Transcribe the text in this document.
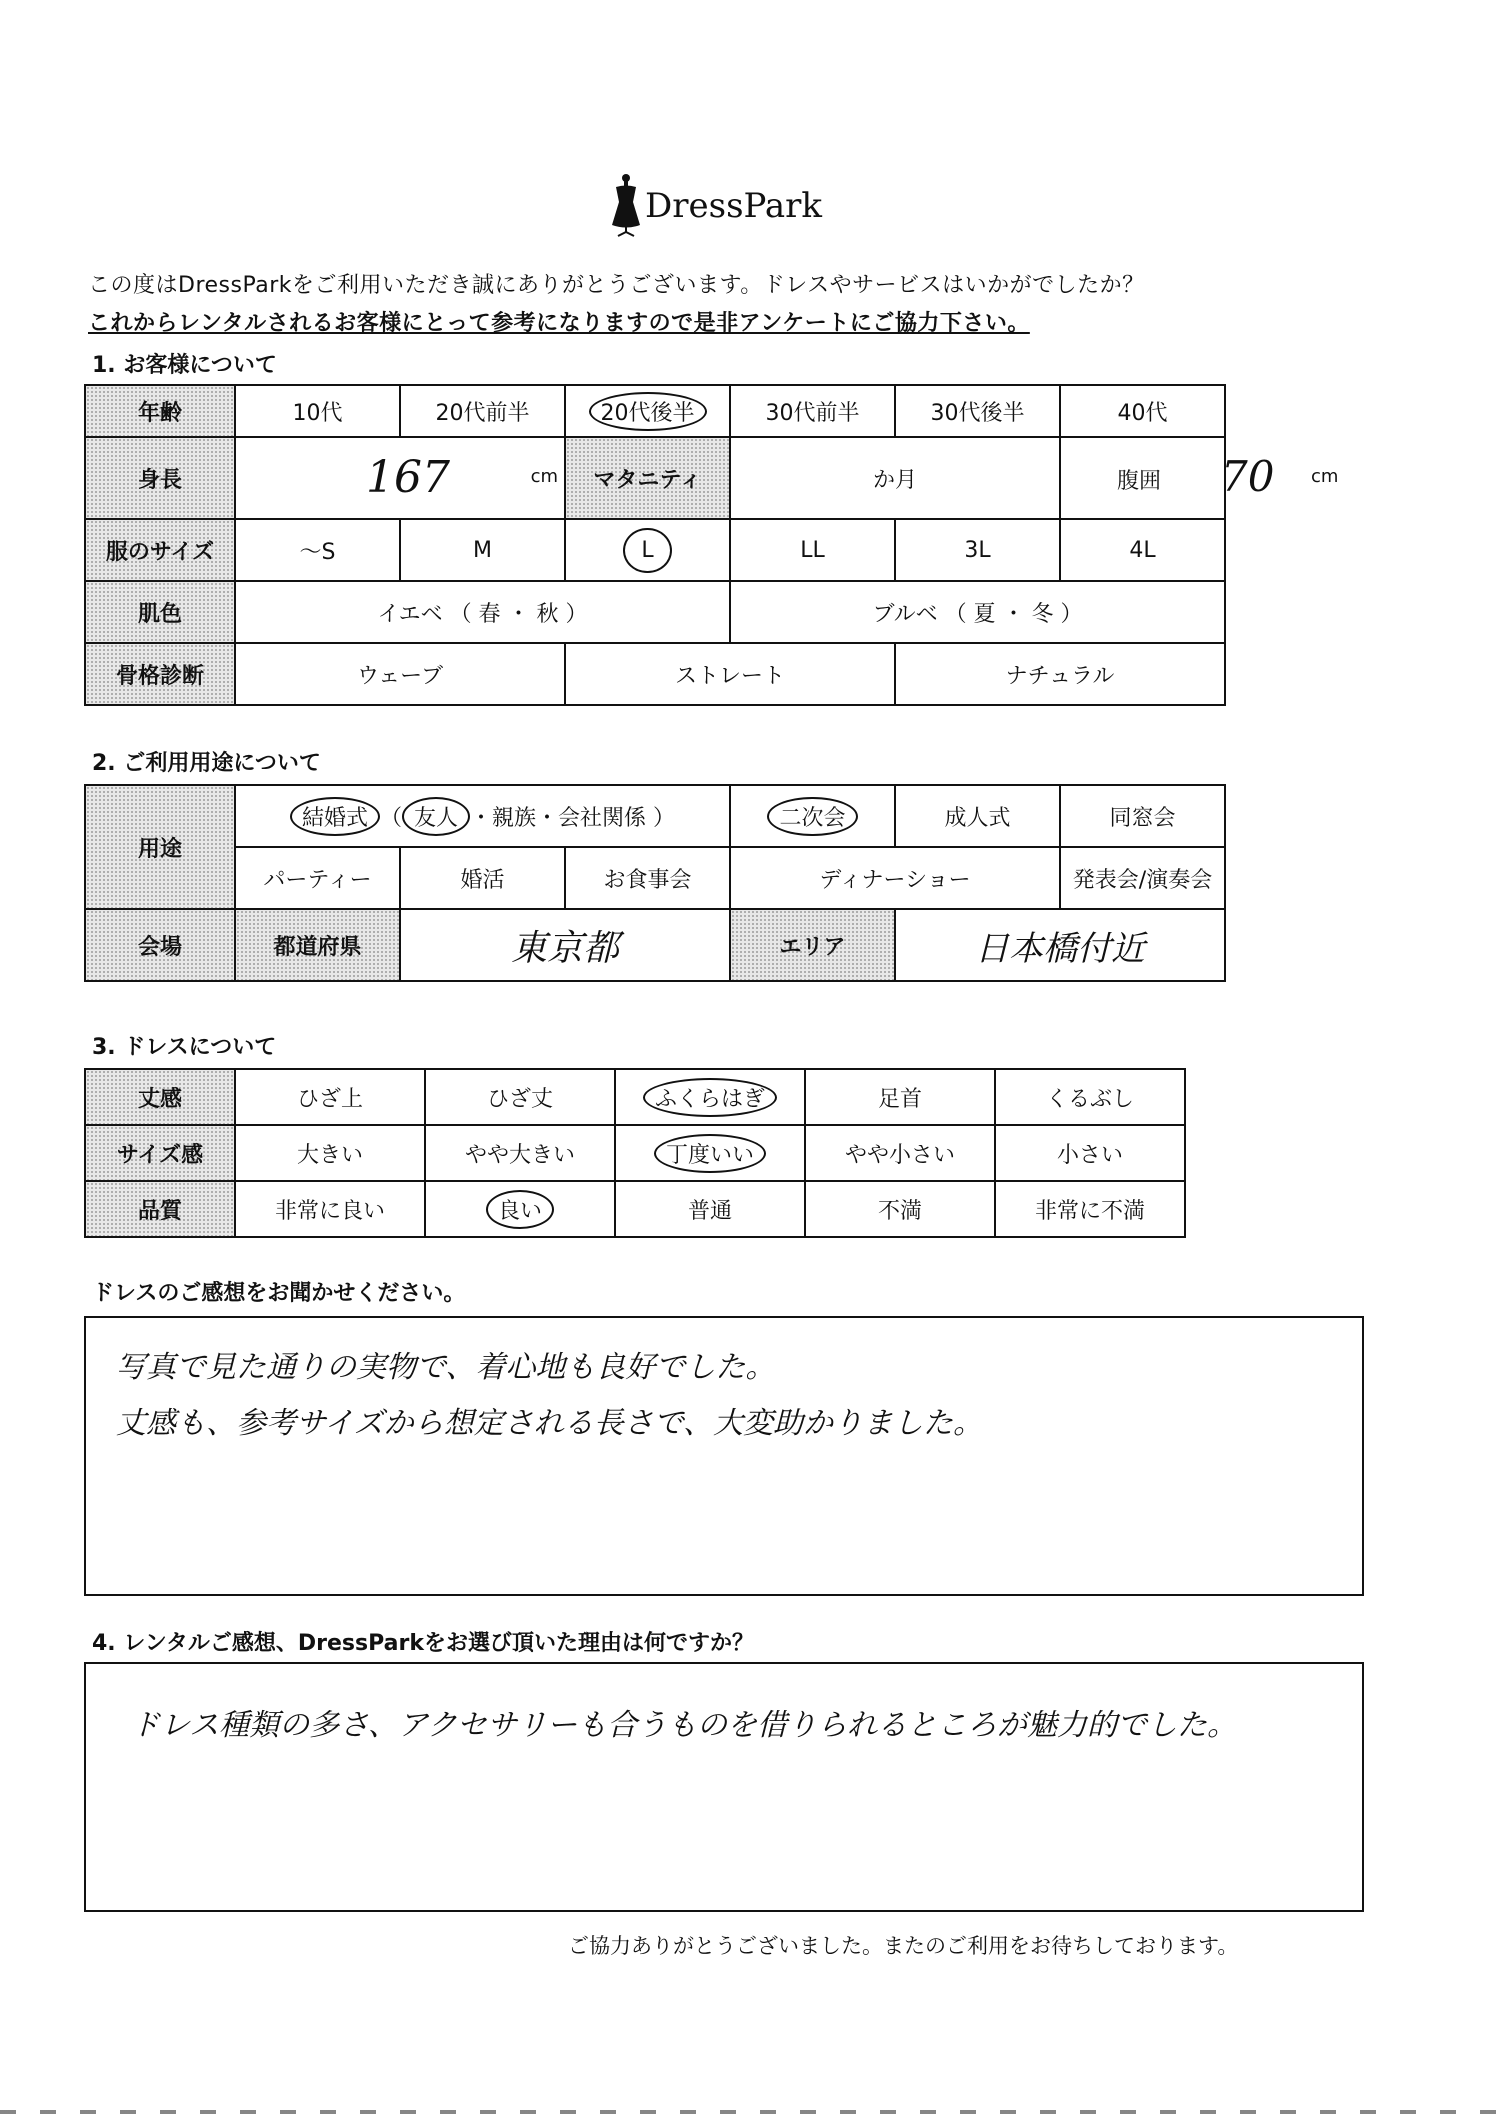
DressPark
この度はDressParkをご利用いただき誠にありがとうございます。ドレスやサービスはいかがでしたか？
これからレンタルされるお客様にとって参考になりますので是非アンケートにご協力下さい。
1. お客様について
年齢	10代	20代前半	20代後半	30代前半	30代後半	40代	
身長	167 cm		マタニティ	か月		腹囲 70 cm	

服のサイズ	～S	M	L	LL	3L	4L	
肌色	イエベ （ 春 ・ 秋 ）			ブルベ （ 夏 ・ 冬 ）			
骨格診断	ウェーブ		ストレート		ナチュラル		
2. ご利用用途について
用途	結婚式 （ 友人 ・親族・会社関係 ）			二次会	成人式	同窓会	
	パーティー	婚活	お食事会	ディナーショー		発表会/演奏会	
会場	都道府県	東京都		エリア	日本橋付近		
3. ドレスについて
丈感	ひざ上	ひざ丈	ふくらはぎ	足首	くるぶし
サイズ感	大きい	やや大きい	丁度いい	やや小さい	小さい
品質	非常に良い	良い	普通	不満	非常に不満
ドレスのご感想をお聞かせください。
写真で見た通りの実物で、着心地も良好でした。
丈感も、参考サイズから想定される長さで、大変助かりました。
4. レンタルご感想、DressParkをお選び頂いた理由は何ですか？
ドレス種類の多さ、アクセサリーも合うものを借りられるところが魅力的でした。
ご協力ありがとうございました。またのご利用をお待ちしております。
